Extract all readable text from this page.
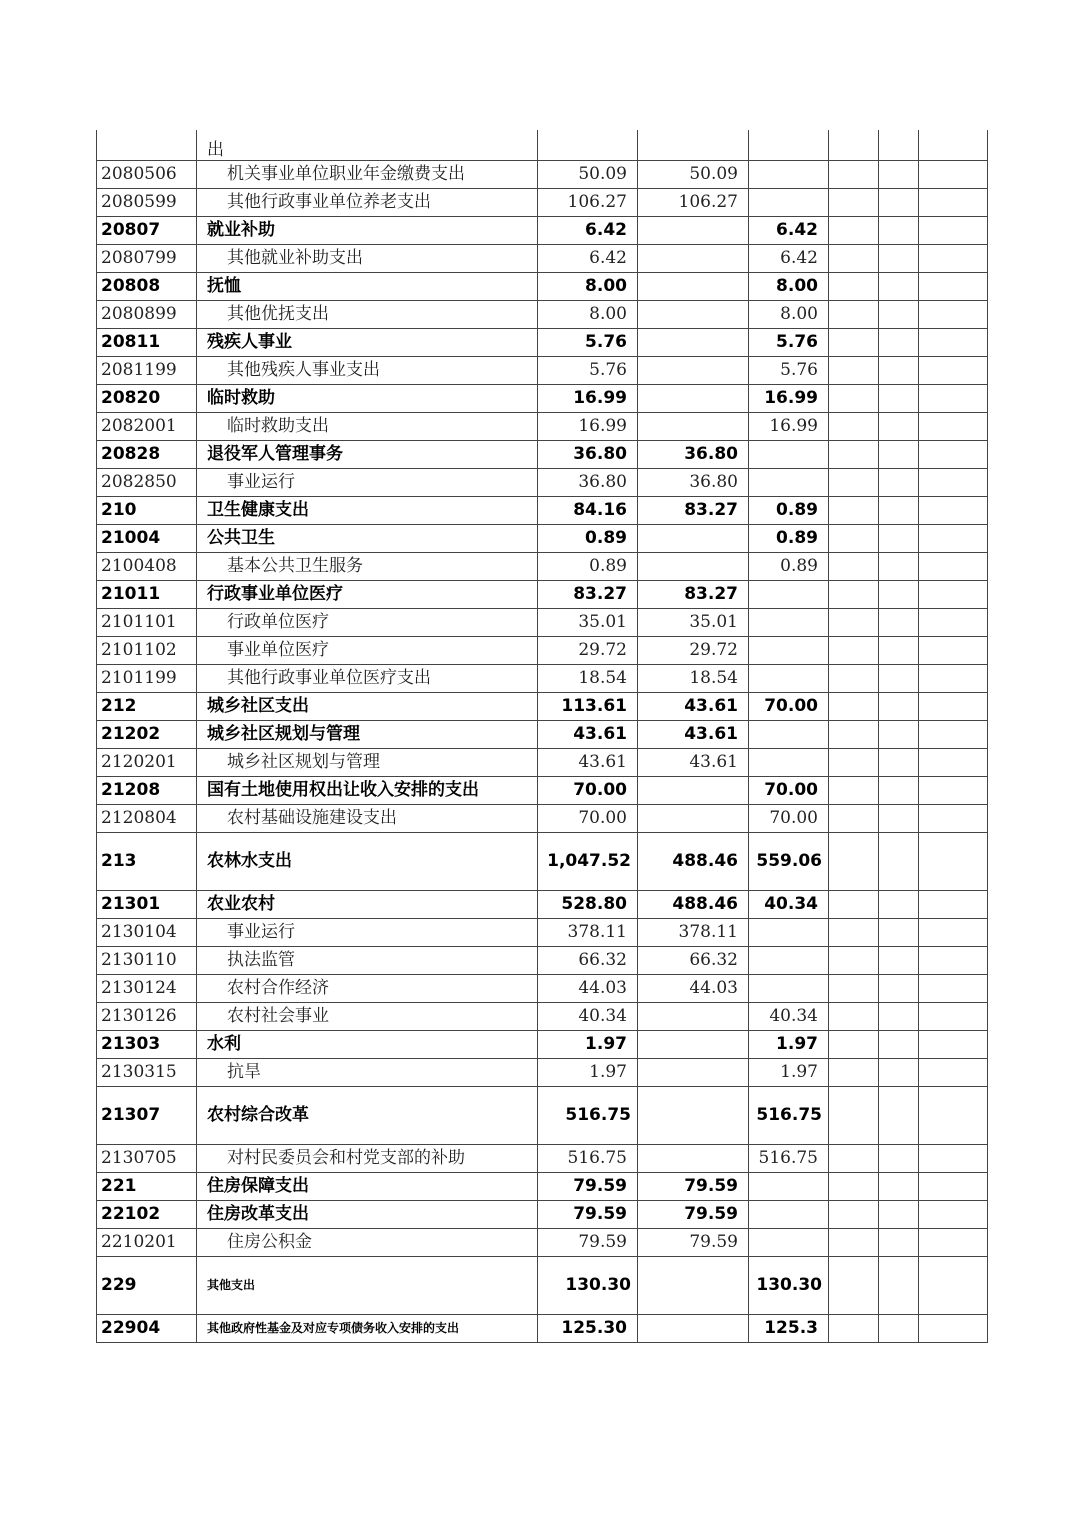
	出						
2080506	机关事业单位职业年金缴费支出	50.09	50.09				
2080599	其他行政事业单位养老支出	106.27	106.27				
20807	就业补助	6.42		6.42			
2080799	其他就业补助支出	6.42		6.42			
20808	抚恤	8.00		8.00			
2080899	其他优抚支出	8.00		8.00			
20811	残疾人事业	5.76		5.76			
2081199	其他残疾人事业支出	5.76		5.76			
20820	临时救助	16.99		16.99			
2082001	临时救助支出	16.99		16.99			
20828	退役军人管理事务	36.80	36.80				
2082850	事业运行	36.80	36.80				
210	卫生健康支出	84.16	83.27	0.89			
21004	公共卫生	0.89		0.89			
2100408	基本公共卫生服务	0.89		0.89			
21011	行政事业单位医疗	83.27	83.27				
2101101	行政单位医疗	35.01	35.01				
2101102	事业单位医疗	29.72	29.72				
2101199	其他行政事业单位医疗支出	18.54	18.54				
212	城乡社区支出	113.61	43.61	70.00			
21202	城乡社区规划与管理	43.61	43.61				
2120201	城乡社区规划与管理	43.61	43.61				
21208	国有土地使用权出让收入安排的支出	70.00		70.00			
2120804	农村基础设施建设支出	70.00		70.00			
213	农林水支出	1,047.52	488.46	559.06			
21301	农业农村	528.80	488.46	40.34			
2130104	事业运行	378.11	378.11				
2130110	执法监管	66.32	66.32				
2130124	农村合作经济	44.03	44.03				
2130126	农村社会事业	40.34		40.34			
21303	水利	1.97		1.97			
2130315	抗旱	1.97		1.97			
21307	农村综合改革	516.75		516.75			
2130705	对村民委员会和村党支部的补助	516.75		516.75			
221	住房保障支出	79.59	79.59				
22102	住房改革支出	79.59	79.59				
2210201	住房公积金	79.59	79.59				
229	其他支出	130.30		130.30			
22904	其他政府性基金及对应专项债务收入安排的支出	125.30		125.3			
